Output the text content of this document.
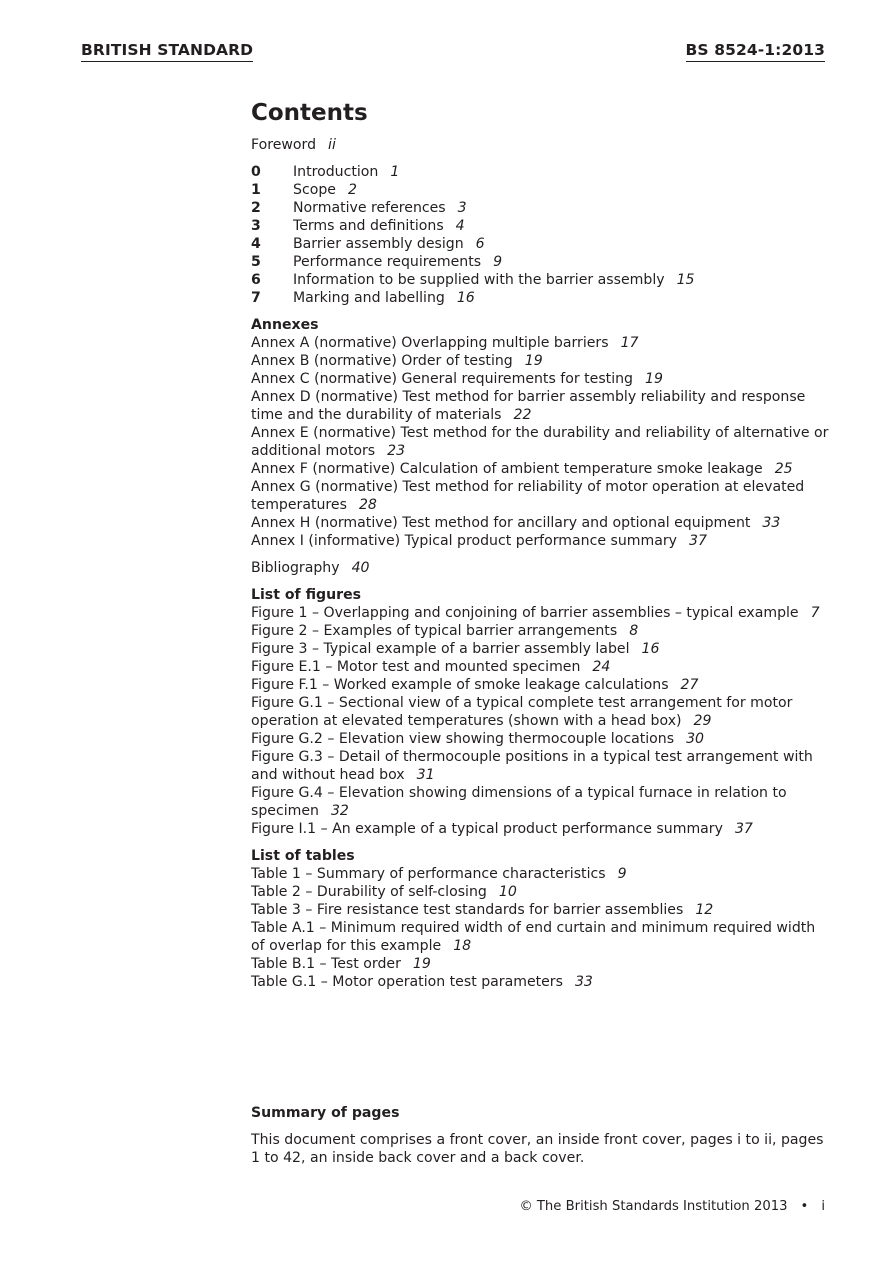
BRITISH STANDARD	BS 8524-1:2013
Contents
Foreword ii
0	Introduction 1
1	Scope 2
2	Normative references 3
3	Terms and definitions 4
4	Barrier assembly design 6
5	Performance requirements 9
6	Information to be supplied with the barrier assembly 15
7	Marking and labelling 16
Annexes
Annex A (normative) Overlapping multiple barriers 17
Annex B (normative) Order of testing 19
Annex C (normative) General requirements for testing 19
Annex D (normative) Test method for barrier assembly reliability and response time and the durability of materials 22
Annex E (normative) Test method for the durability and reliability of alternative or additional motors 23
Annex F (normative) Calculation of ambient temperature smoke leakage 25
Annex G (normative) Test method for reliability of motor operation at elevated temperatures 28
Annex H (normative) Test method for ancillary and optional equipment 33
Annex I (informative) Typical product performance summary 37
Bibliography 40
List of figures
Figure 1 – Overlapping and conjoining of barrier assemblies – typical example 7
Figure 2 – Examples of typical barrier arrangements 8
Figure 3 – Typical example of a barrier assembly label 16
Figure E.1 – Motor test and mounted specimen 24
Figure F.1 – Worked example of smoke leakage calculations 27
Figure G.1 – Sectional view of a typical complete test arrangement for motor operation at elevated temperatures (shown with a head box) 29
Figure G.2 – Elevation view showing thermocouple locations 30
Figure G.3 – Detail of thermocouple positions in a typical test arrangement with and without head box 31
Figure G.4 – Elevation showing dimensions of a typical furnace in relation to specimen 32
Figure I.1 – An example of a typical product performance summary 37
List of tables
Table 1 – Summary of performance characteristics 9
Table 2 – Durability of self-closing 10
Table 3 – Fire resistance test standards for barrier assemblies 12
Table A.1 – Minimum required width of end curtain and minimum required width of overlap for this example 18
Table B.1 – Test order 19
Table G.1 – Motor operation test parameters 33
Summary of pages

This document comprises a front cover, an inside front cover, pages i to ii, pages 1 to 42, an inside back cover and a back cover.

© The British Standards Institution 2013 • i
